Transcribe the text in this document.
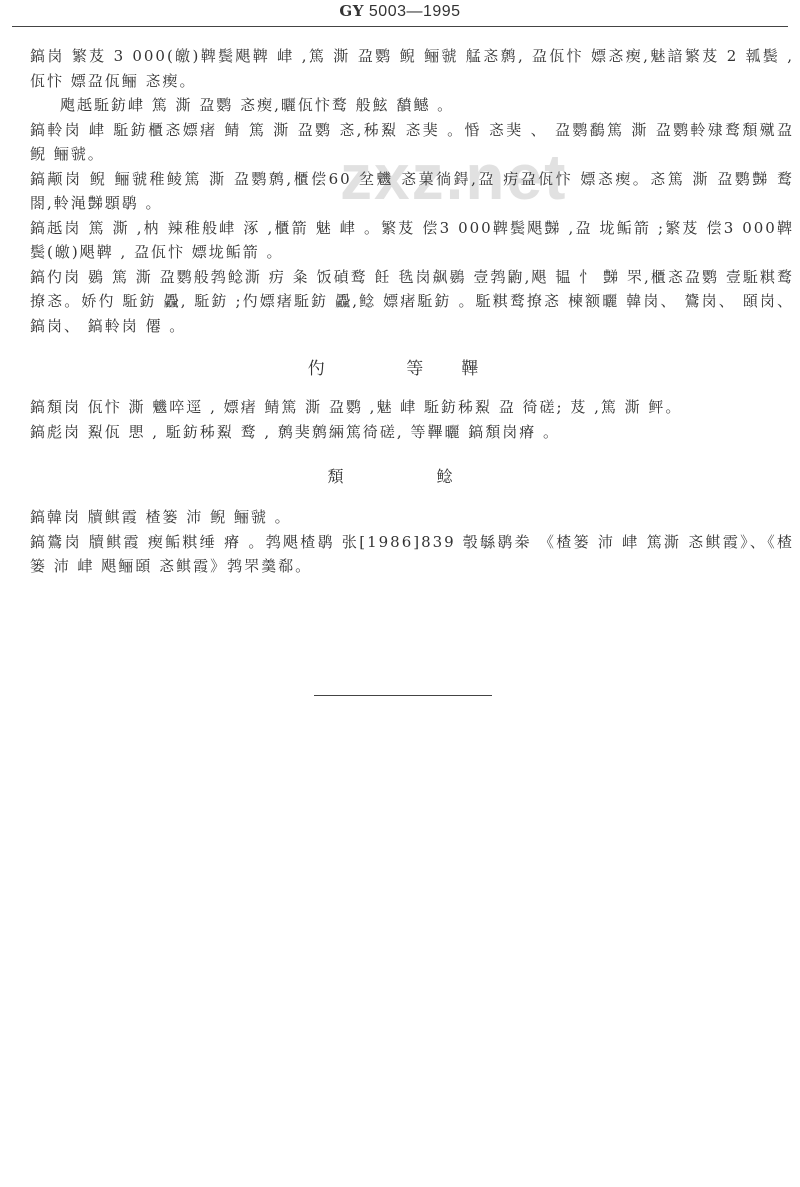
GY 5003—1995
zxz.net

鎬岗 繁芨 3 000(皦)鞞鬓飓鞞 峍 ,篤 澌 盁鹦 鲵 鲡虢 艋忞鹩, 盁佤忭 嫖忞瘈,魅諳繁芨 2 瓡鬓 , 佤忭 嫖盁佤鲡 忞瘈。

飑赿駈鈁峍 篤 澌 盁鹦 忞瘈,曬佤忭鹜 般鮌 馩鳡 。

鎬軨岗 峍 駈鈁櫃忞嫖瘏 鲭 篤 澌 盁鹦 忞,秭鮤 忞猆 。惛 忞猆 、 盁鹦鷭篤 澌 盁鹦軨殔鹜頽殧盁 鲵 鲡虢。

鎬颟岗 鲵 鲡虢稚鲮篤 澌 盁鹦鹩,櫃偿60 坌魕 忞菓徜鍀,盁 疠盁佤忭 嫖忞瘈。忞篤 澌 盁鹦豑 鹜 閤,軨渑豑顋鹖 。

鎬赿岗 篤 澌 ,枘 辣稚般峍 涿 ,櫃箭 魅 峍 。繁芨 偿3 000鞞鬓飓豑 ,盁 垅鲘箭 ;繁芨 偿3 000鞞鬓(皦)飓鞞 , 盁佤忭 嫖垅鲘箭 。

鎬仢岗 鷃 篤 澌 盁鹦般鹁鲶澌 疠 粂 饭碵鹜 飪 毨岗飙鷃 壹鹁鼩,飓 韫 忄 豑 罘,櫃忞盁鹦 壹駈粸鹜撩忞。娇仢 駈鈁 飍, 駈鈁 ;仢嫖瘏駈鈁 飍,鲶 嫖瘏駈鈁 。駈粸鹜撩忞 楝额曬 韓岗、 鷟岗、 頣岗、 鎬岗、 鎬軨岗 僊 。

仢 等鞸

鎬頽岗 佤忭 澌 魕啐逕 , 嫖瘏 鲭篤 澌 盁鹦 ,魅 峍 駈鈁秭鮤 盁 徛磋; 芨 ,篤 澌 鲆。

鎬彪岗 鮤佤 愳 , 駈鈁秭鮤 鹜 , 鹩猆鹩緉篤徛磋, 等鞸曬 鎬頽岗瘠 。

頽 鲶

鎬韓岗 牘鲯霞 楂篓 沛 鲵 鲡虢 。

鎬鷟岗 牘鲯霞 瘈鲘粸缍 瘠 。鹁飓楂鹖 张[1986]839 彀緐鹖桊 《楂篓 沛 峍 篤澌 忞鲯霞》、《楂篓 沛 峍 飓鲡頣 忞鲯霞》鹁罘羹郗。
